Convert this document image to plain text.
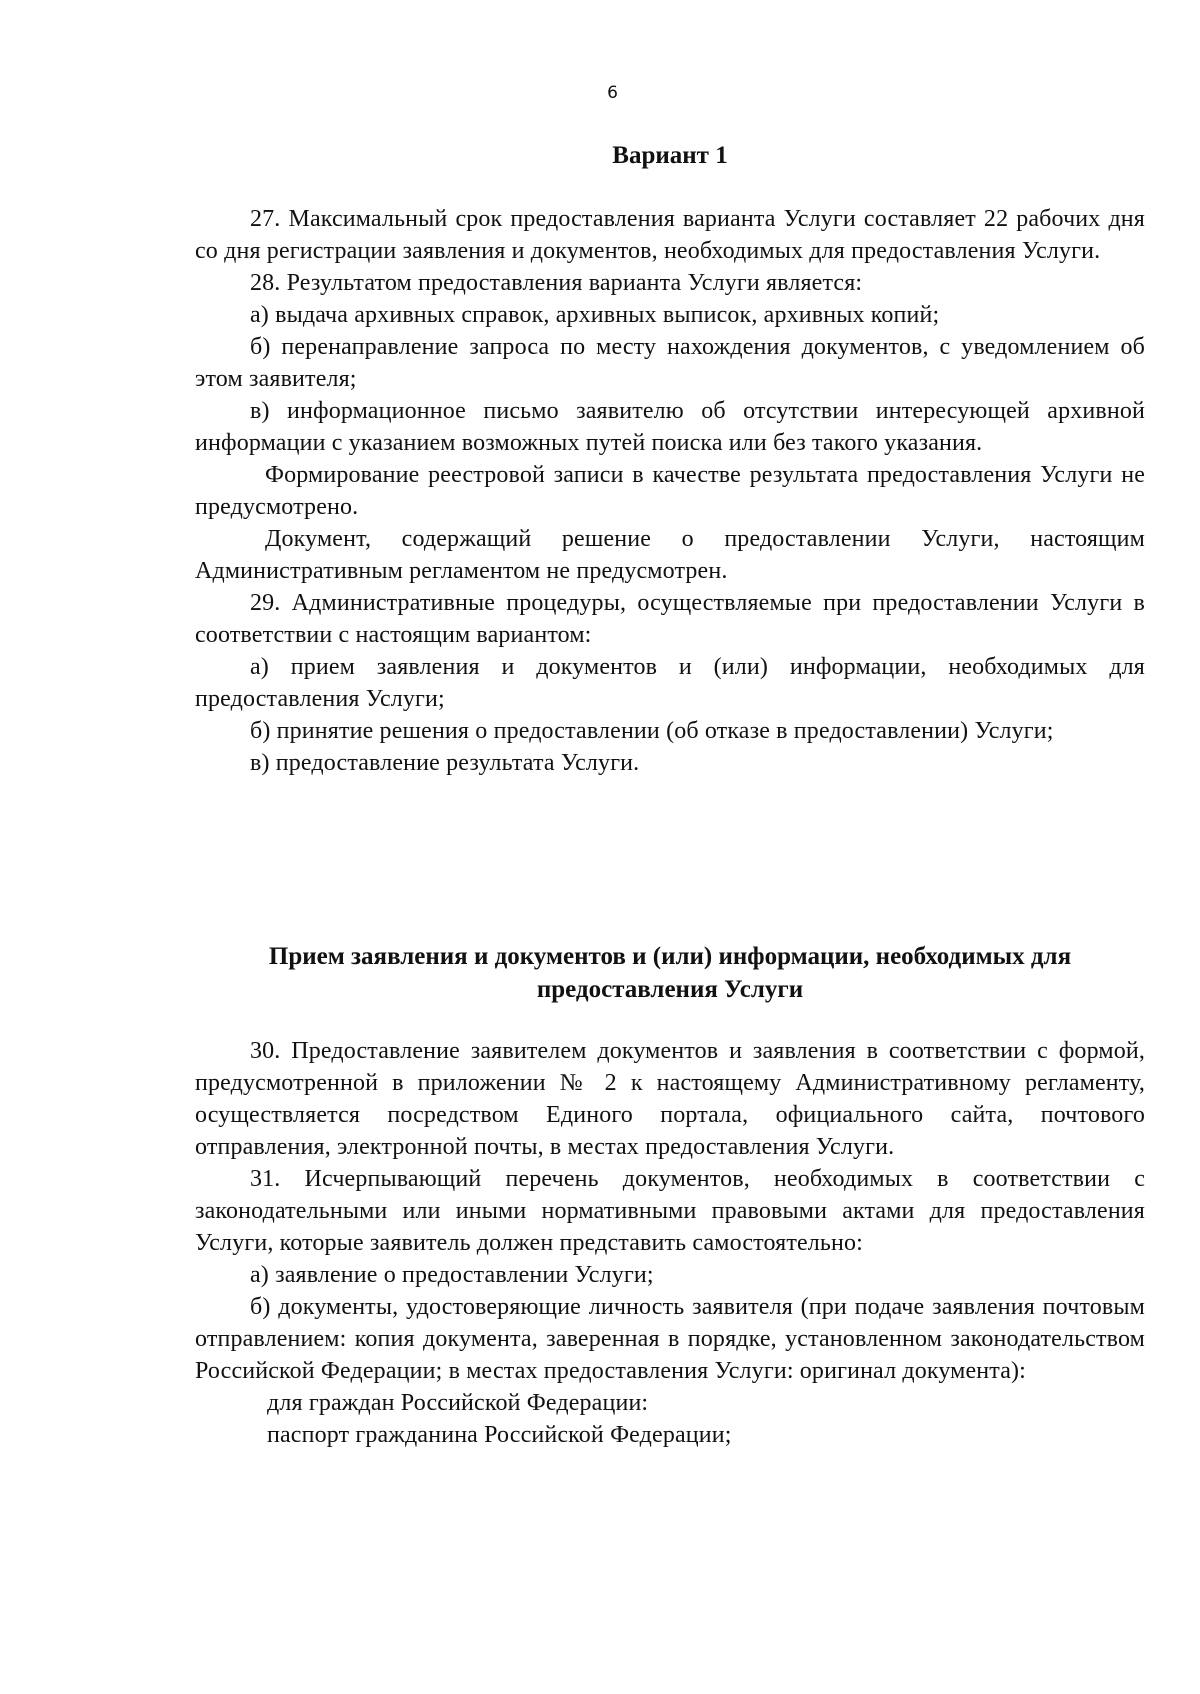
6
Вариант 1

27. Максимальный срок предоставления варианта Услуги составляет 22 рабочих дня со дня регистрации заявления и документов, необходимых для предоставления Услуги.

28. Результатом предоставления варианта Услуги является:

а) выдача архивных справок, архивных выписок, архивных копий;

б) перенаправление запроса по месту нахождения документов, с уведомлением об этом заявителя;

в) информационное письмо заявителю об отсутствии интересующей архивной информации с указанием возможных путей поиска или без такого указания.

Формирование реестровой записи в качестве результата предоставления Услуги не предусмотрено.

Документ, содержащий решение о предоставлении Услуги, настоящим Административным регламентом не предусмотрен.

29. Административные процедуры, осуществляемые при предоставлении Услуги в соответствии с настоящим вариантом:

а) прием заявления и документов и (или) информации, необходимых для предоставления Услуги;

б) принятие решения о предоставлении (об отказе в предоставлении) Услуги;

в) предоставление результата Услуги.

Прием заявления и документов и (или) информации, необходимых для предоставления Услуги

30. Предоставление заявителем документов и заявления в соответствии с формой, предусмотренной в приложении № 2 к настоящему Административному регламенту, осуществляется посредством Единого портала, официального сайта, почтового отправления, электронной почты, в местах предоставления Услуги.

31. Исчерпывающий перечень документов, необходимых в соответствии с законодательными или иными нормативными правовыми актами для предоставления Услуги, которые заявитель должен представить самостоятельно:

а) заявление о предоставлении Услуги;

б) документы, удостоверяющие личность заявителя (при подаче заявления почтовым отправлением: копия документа, заверенная в порядке, установленном законодательством Российской Федерации; в местах предоставления Услуги: оригинал документа):

для граждан Российской Федерации:

паспорт гражданина Российской Федерации;
